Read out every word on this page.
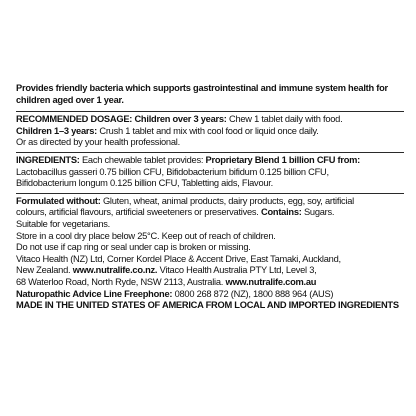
Provides friendly bacteria which supports gastrointestinal and immune system health for children aged over 1 year.
RECOMMENDED DOSAGE: Children over 3 years: Chew 1 tablet daily with food.
Children 1–3 years: Crush 1 tablet and mix with cool food or liquid once daily.
Or as directed by your health professional.
INGREDIENTS: Each chewable tablet provides: Proprietary Blend 1 billion CFU from:
Lactobacillus gasseri 0.75 billion CFU, Bifidobacterium bifidum 0.125 billion CFU,
Bifidobacterium longum 0.125 billion CFU, Tabletting aids, Flavour.
Formulated without: Gluten, wheat, animal products, dairy products, egg, soy, artificial
colours, artificial flavours, artificial sweeteners or preservatives. Contains: Sugars.
Suitable for vegetarians.
Store in a cool dry place below 25°C. Keep out of reach of children.
Do not use if cap ring or seal under cap is broken or missing.
Vitaco Health (NZ) Ltd, Corner Kordel Place & Accent Drive, East Tamaki, Auckland,
New Zealand. www.nutralife.co.nz. Vitaco Health Australia PTY Ltd, Level 3,
68 Waterloo Road, North Ryde, NSW 2113, Australia. www.nutralife.com.au
Naturopathic Advice Line Freephone: 0800 268 872 (NZ), 1800 888 964 (AUS)
MADE IN THE UNITED STATES OF AMERICA FROM LOCAL AND IMPORTED INGREDIENTS
